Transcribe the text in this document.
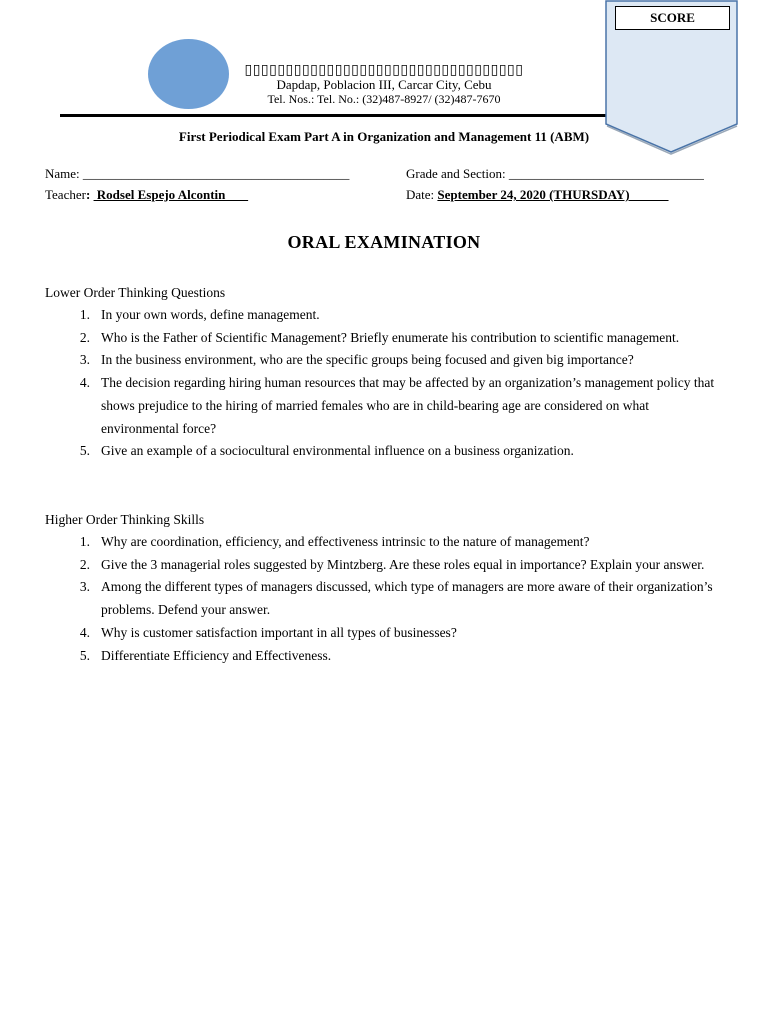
▯▯▯▯▯▯▯▯▯▯▯▯▯▯▯▯▯▯▯▯▯▯▯▯▯▯▯▯▯▯▯▯▯▯
Dapdap, Poblacion III, Carcar City, Cebu
Tel. Nos.: Tel. No.: (32)487-8927/ (32)487-7670
SCORE
First Periodical Exam Part A in Organization and Management 11 (ABM)
Name: _________________________________________
Teacher:  Rodsel Espejo Alcontin
Grade and Section: ______________________________
Date: September 24, 2020 (THURSDAY)
ORAL EXAMINATION
Lower Order Thinking Questions
1. In your own words, define management.
2. Who is the Father of Scientific Management? Briefly enumerate his contribution to scientific management.
3. In the business environment, who are the specific groups being focused and given big importance?
4. The decision regarding hiring human resources that may be affected by an organization’s management policy that shows prejudice to the hiring of married females who are in child-bearing age are considered on what environmental force?
5. Give an example of a sociocultural environmental influence on a business organization.
Higher Order Thinking Skills
1. Why are coordination, efficiency, and effectiveness intrinsic to the nature of management?
2. Give the 3 managerial roles suggested by Mintzberg. Are these roles equal in importance? Explain your answer.
3. Among the different types of managers discussed, which type of managers are more aware of their organization’s problems. Defend your answer.
4. Why is customer satisfaction important in all types of businesses?
5. Differentiate Efficiency and Effectiveness.
